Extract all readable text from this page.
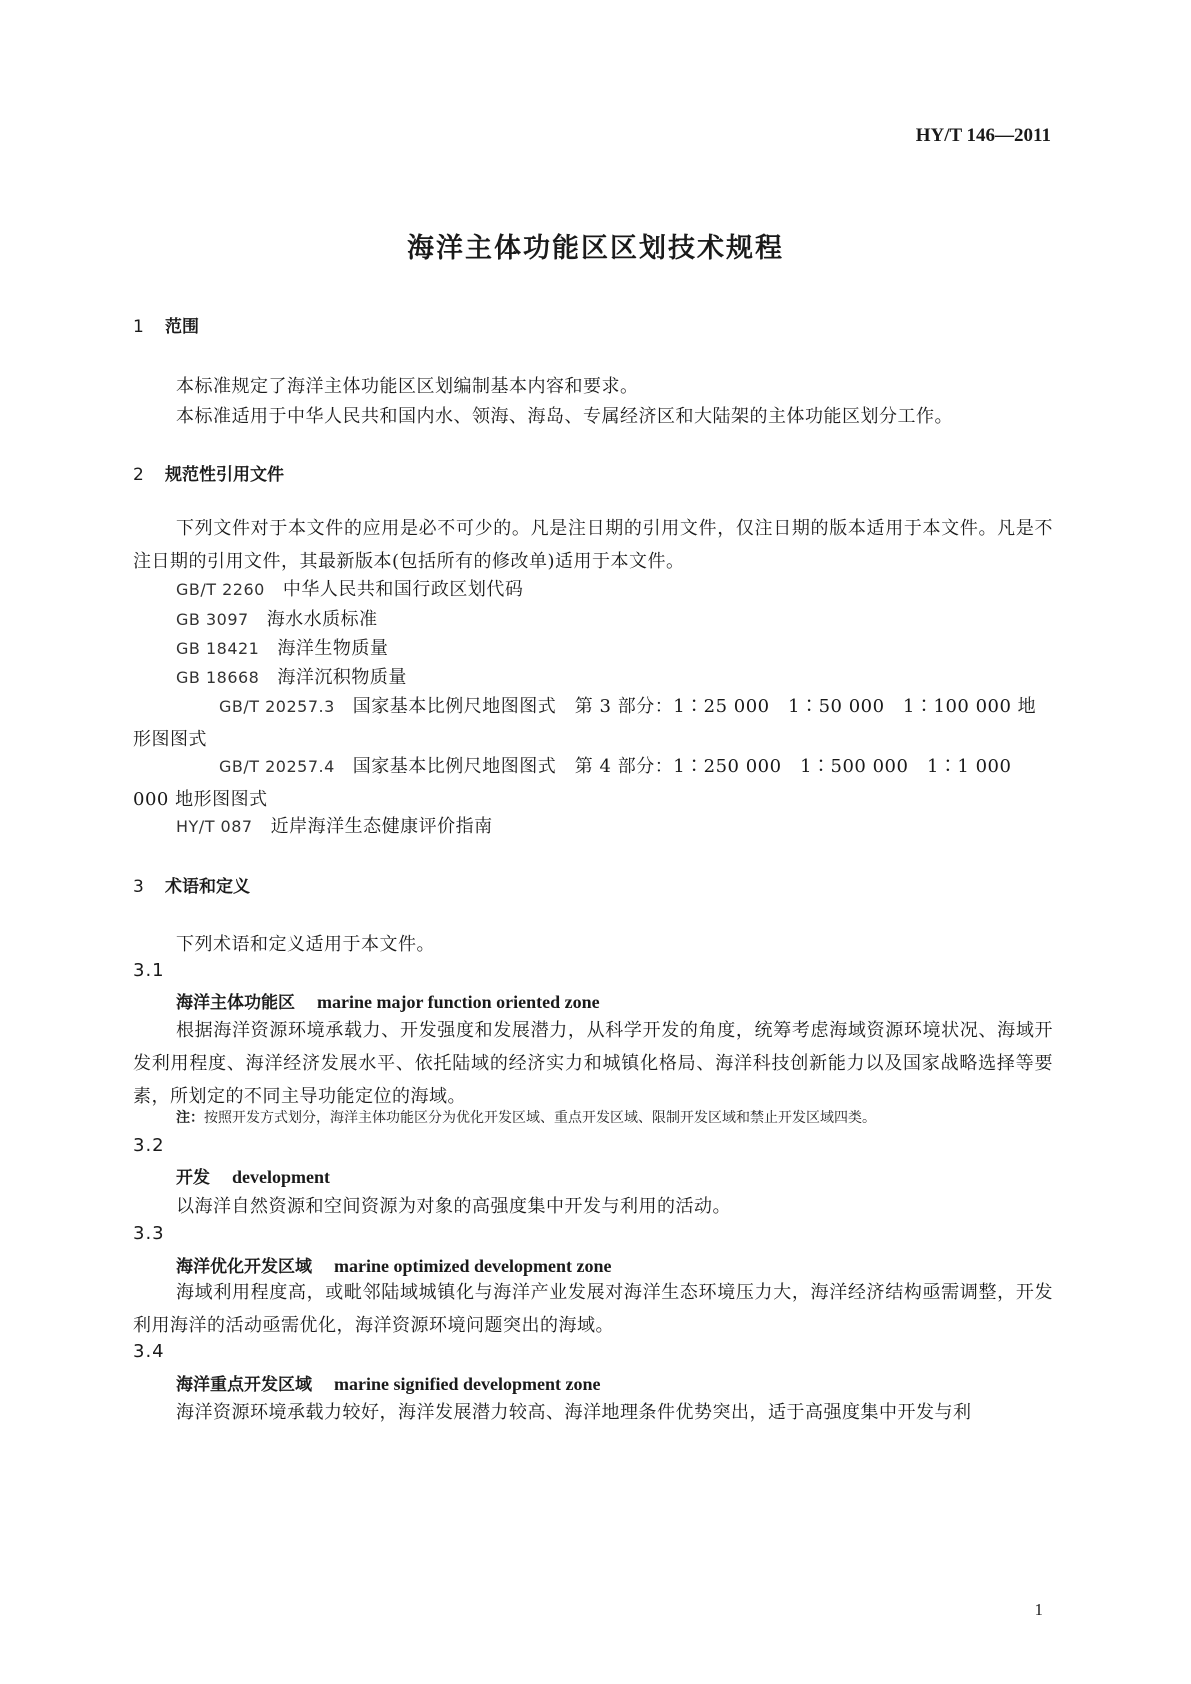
HY/T 146—2011
海洋主体功能区区划技术规程
1 范围
本标准规定了海洋主体功能区区划编制基本内容和要求。
本标准适用于中华人民共和国内水、领海、海岛、专属经济区和大陆架的主体功能区划分工作。
2 规范性引用文件
下列文件对于本文件的应用是必不可少的。凡是注日期的引用文件，仅注日期的版本适用于本文件。凡是不注日期的引用文件，其最新版本(包括所有的修改单)适用于本文件。
GB/T 2260 中华人民共和国行政区划代码
GB 3097 海水水质标准
GB 18421 海洋生物质量
GB 18668 海洋沉积物质量
GB/T 20257.3 国家基本比例尺地图图式　第 3 部分：1∶25 000　1∶50 000　1∶100 000 地形图图式
GB/T 20257.4 国家基本比例尺地图图式　第 4 部分：1∶250 000　1∶500 000　1∶1 000 000 地形图图式
HY/T 087 近岸海洋生态健康评价指南
3 术语和定义
下列术语和定义适用于本文件。
3.1
海洋主体功能区 marine major function oriented zone
根据海洋资源环境承载力、开发强度和发展潜力，从科学开发的角度，统筹考虑海域资源环境状况、海域开发利用程度、海洋经济发展水平、依托陆域的经济实力和城镇化格局、海洋科技创新能力以及国家战略选择等要素，所划定的不同主导功能定位的海域。
注：按照开发方式划分，海洋主体功能区分为优化开发区域、重点开发区域、限制开发区域和禁止开发区域四类。
3.2
开发 development
以海洋自然资源和空间资源为对象的高强度集中开发与利用的活动。
3.3
海洋优化开发区域 marine optimized development zone
海域利用程度高，或毗邻陆域城镇化与海洋产业发展对海洋生态环境压力大，海洋经济结构亟需调整，开发利用海洋的活动亟需优化，海洋资源环境问题突出的海域。
3.4
海洋重点开发区域 marine signified development zone
海洋资源环境承载力较好，海洋发展潜力较高、海洋地理条件优势突出，适于高强度集中开发与利
1
